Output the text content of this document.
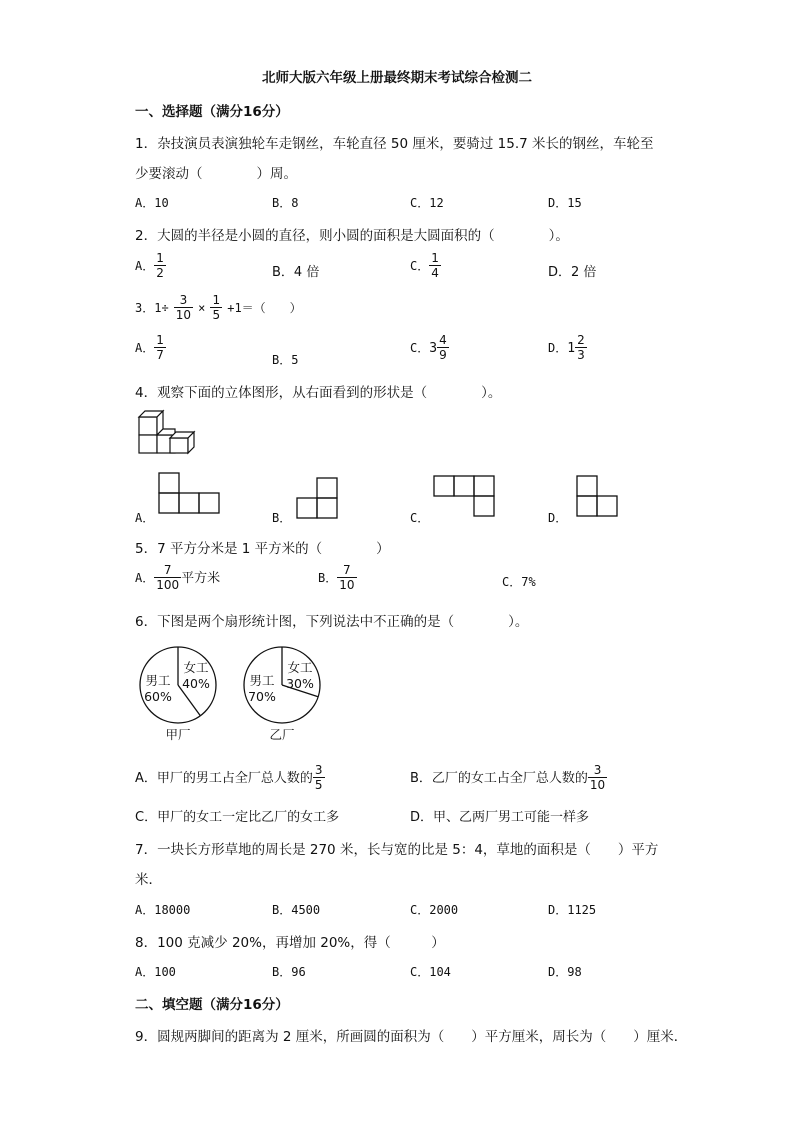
北师大版六年级上册最终期末考试综合检测二
一、选择题（满分16分）
1．杂技演员表演独轮车走钢丝，车轮直径 50 厘米，要骑过 15.7 米长的钢丝，车轮至
少要滚动（　　　　）周。
A．10	B．8	C．12	D．15
2．大圆的半径是小圆的直径，则小圆的面积是大圆面积的（　　　　）。
A． $\frac{1}{2}$	B．4 倍	C． $\frac{1}{4}$	D．2 倍
3．$1\div \frac{3}{10} \times \frac{1}{5} +1=$（　　）
A． $\frac{1}{7}$	B．5
C．$3 \frac{4}{9}$	D．$1 \frac{2}{3}$
4．观察下面的立体图形，从右面看到的形状是（　　　　）。
A．	B．	C．	D．
5．7 平方分米是 1 平方米的（　　　　）
A． $\frac{7}{100}$ 平方米	B． $\frac{7}{10}$	C．7%
6．下图是两个扇形统计图，下列说法中不正确的是（　　　　）。
女工
40%
男工
60%
甲厂
女工
30%
男工
70%
乙厂
A．甲厂的男工占全厂总人数的 $\frac{3}{5}$	B．乙厂的女工占全厂总人数的 $\frac{3}{10}$
C．甲厂的女工一定比乙厂的女工多	D．甲、乙两厂男工可能一样多
7．一块长方形草地的周长是 270 米，长与宽的比是 5：4，草地的面积是（　　）平方
米．
A．18000	B．4500	C．2000	D．1125
8．100 克减少 20%，再增加 20%，得（　　　）
A．100	B．96	C．104	D．98
二、填空题（满分16分）
9．圆规两脚间的距离为 2 厘米，所画圆的面积为（　　）平方厘米，周长为（　　）厘米．
